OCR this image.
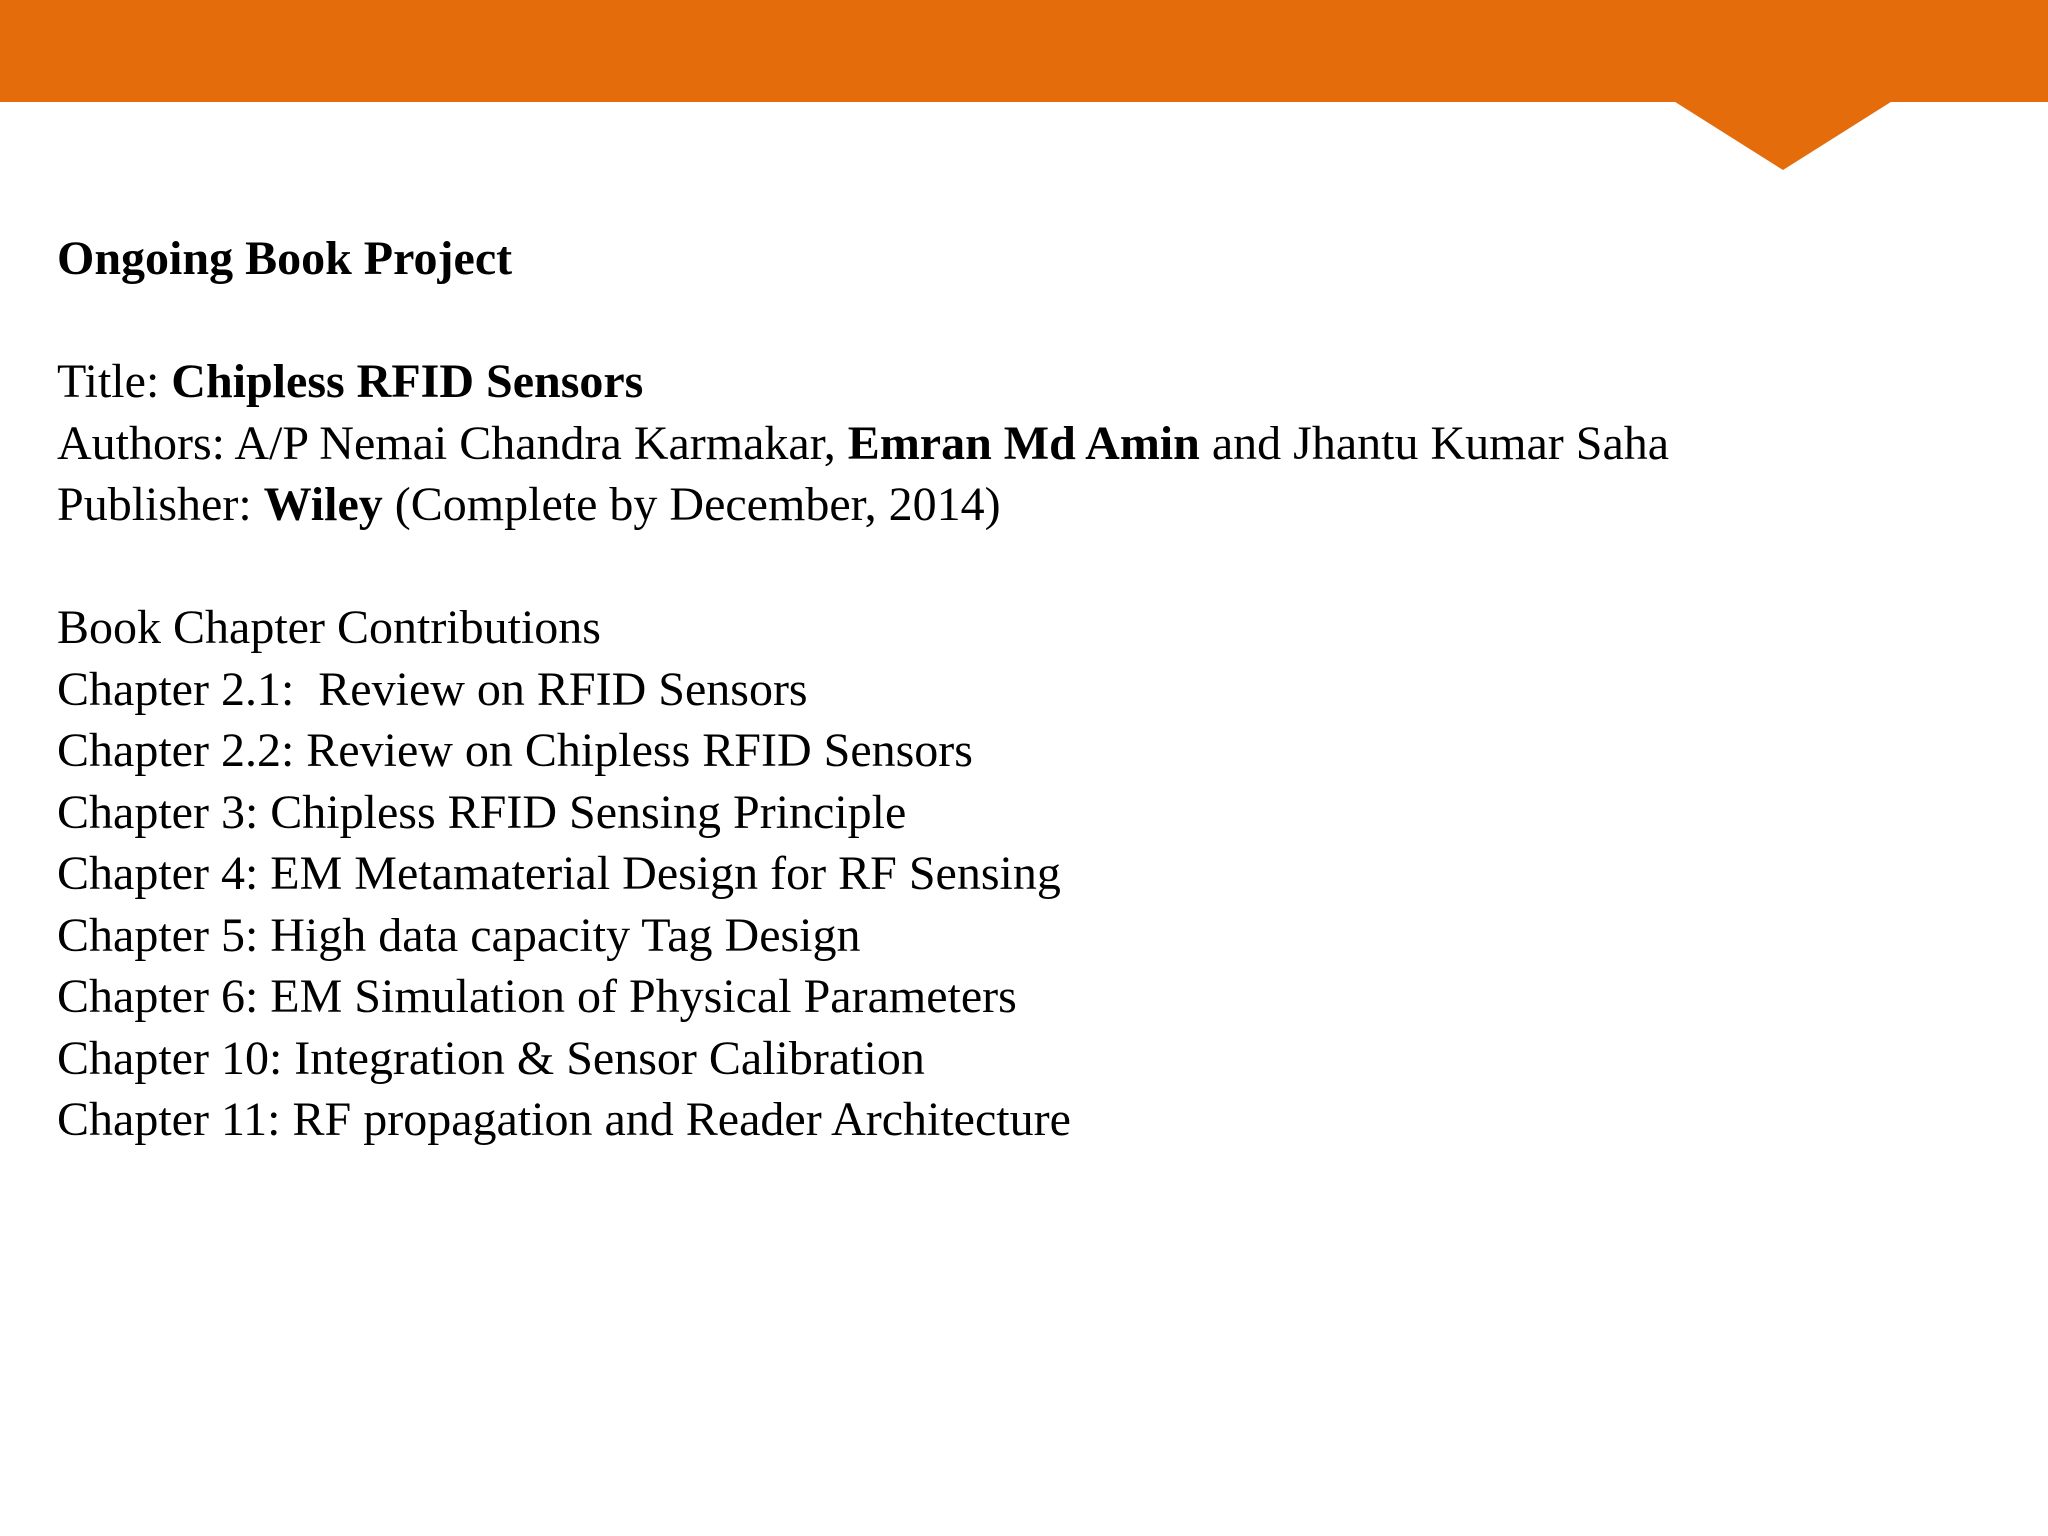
Ongoing Book Project

Title: Chipless RFID Sensors

Authors: A/P Nemai Chandra Karmakar, Emran Md Amin and Jhantu Kumar Saha

Publisher: Wiley (Complete by December, 2014)

Book Chapter Contributions

Chapter 2.1:  Review on RFID Sensors

Chapter 2.2: Review on Chipless RFID Sensors

Chapter 3: Chipless RFID Sensing Principle

Chapter 4: EM Metamaterial Design for RF Sensing

Chapter 5: High data capacity Tag Design

Chapter 6: EM Simulation of Physical Parameters

Chapter 10: Integration & Sensor Calibration

Chapter 11: RF propagation and Reader Architecture
